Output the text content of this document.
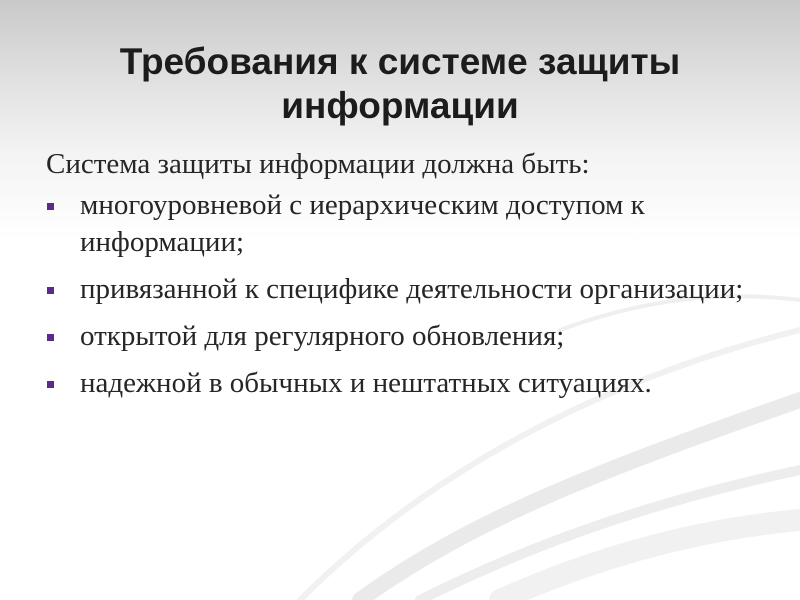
Требования к системе защиты информации

Система защиты информации должна быть:

многоуровневой с иерархическим доступом к информации;
привязанной к специфике деятельности организации;
открытой для регулярного обновления;
надежной в обычных и нештатных ситуациях.
